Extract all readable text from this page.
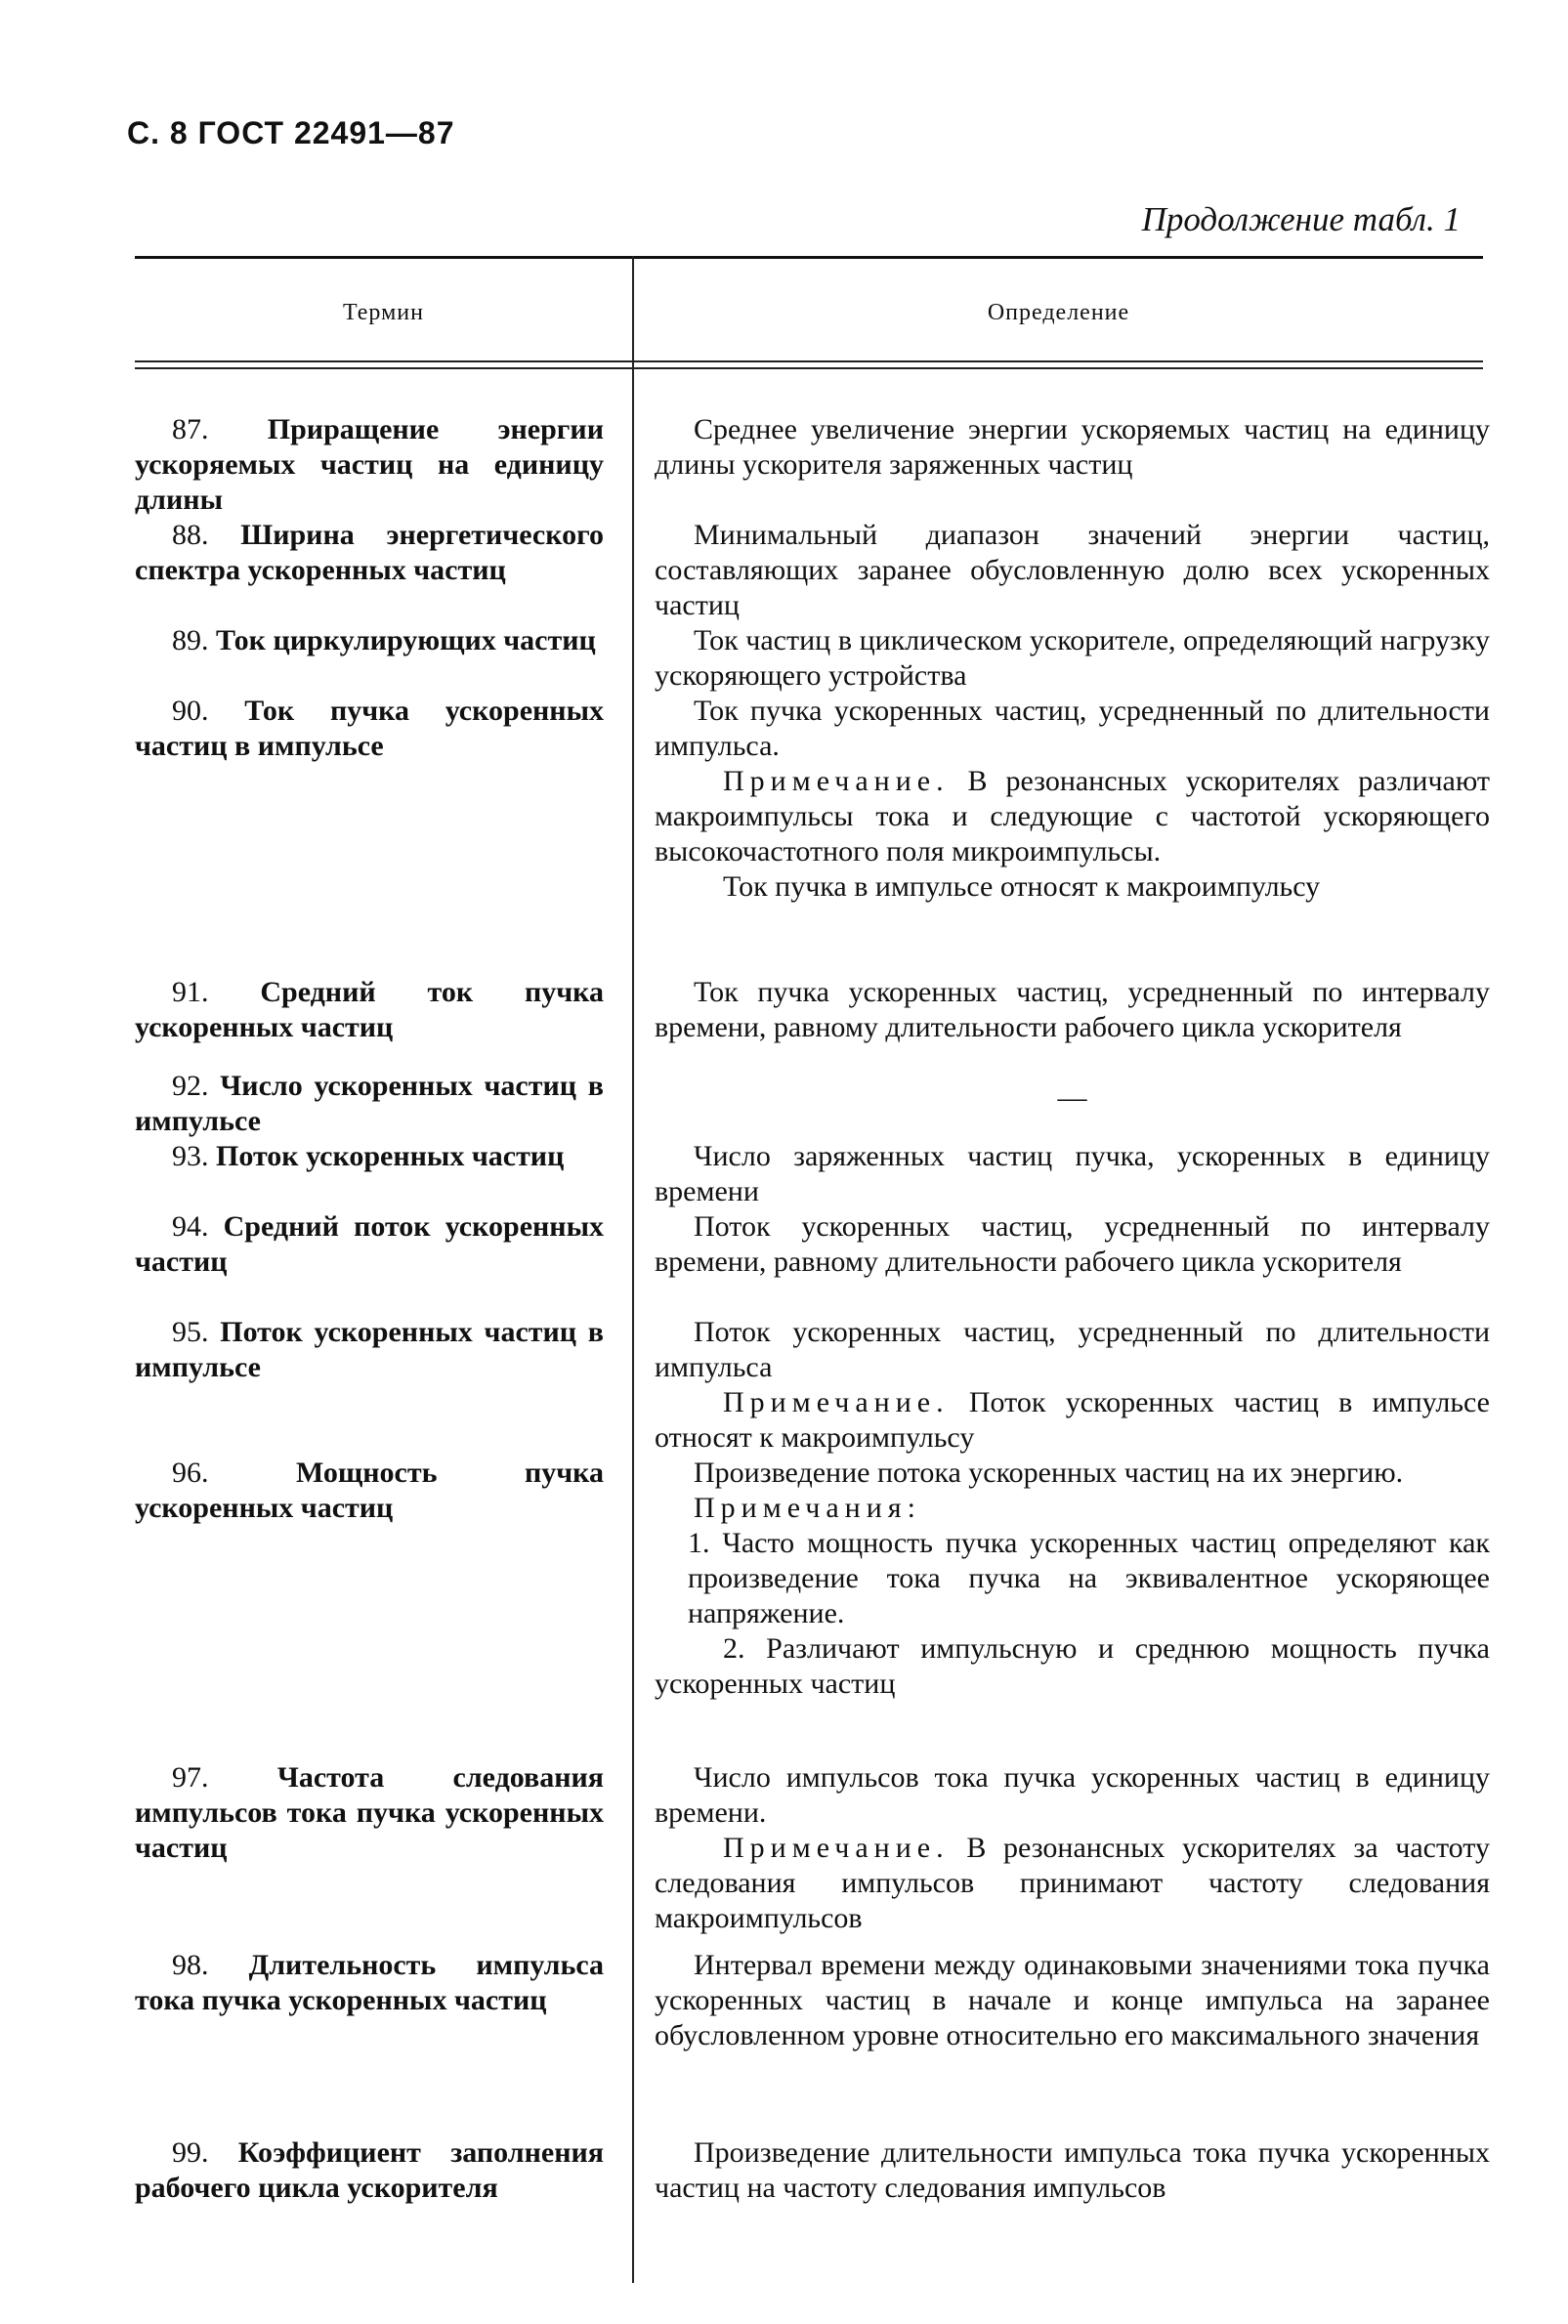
С. 8 ГОСТ 22491—87
Продолжение табл. 1
Термин	Определение
87. Приращение энергии ускоряемых частиц на единицу длины
88. Ширина энергетического спектра ускоренных частиц
89. Ток циркулирующих частиц
90. Ток пучка ускоренных частиц в импульсе
91. Средний ток пучка ускоренных частиц
92. Число ускоренных частиц в импульсе
93. Поток ускоренных частиц
94. Средний поток ускоренных частиц
95. Поток ускоренных частиц в импульсе
96.	Мощность пучка ускоренных частиц
97. Частота следования импульсов тока пучка ускоренных частиц
98. Длительность импульса тока пучка ускоренных частиц
99. Коэффициент заполнения рабочего цикла ускорителя
Среднее увеличение энергии ускоряемых частиц на единицу длины ускорителя заряженных частиц
Минимальный диапазон значений энергии частиц, составляющих заранее обусловленную долю всех ускоренных частиц
Ток частиц в циклическом ускорителе, определяющий нагрузку ускоряющего устройства
Ток пучка ускоренных частиц, усредненный по длительности импульса.
Примечание. В резонансных ускорителях различают макроимпульсы тока и следующие с частотой ускоряющего высокочастотного поля микроимпульсы.
Ток пучка в импульсе относят к макроимпульсу
Ток пучка ускоренных частиц, усредненный по интервалу времени, равному длительности рабочего цикла ускорителя
—
Число заряженных частиц пучка, ускоренных в единицу времени
Поток ускоренных частиц, усредненный по интервалу времени, равному длительности рабочего цикла ускорителя
Поток ускоренных частиц, усредненный по длительности импульса
Примечание. Поток ускоренных частиц в импульсе относят к макроимпульсу
Произведение потока ускоренных частиц на их энергию.
Примечания:
1. Часто мощность пучка ускоренных частиц определяют как произведение тока пучка на эквивалентное ускоряющее напряжение.
2. Различают импульсную и среднюю мощность пучка ускоренных частиц
Число импульсов тока пучка ускоренных частиц в единицу времени.
Примечание. В резонансных ускорителях за частоту следования импульсов принимают частоту следования макроимпульсов
Интервал времени между одинаковыми значениями тока пучка ускоренных частиц в начале и конце импульса на заранее обусловленном уровне относительно его максимального значения
Произведение длительности импульса тока пучка ускоренных частиц на частоту следования импульсов
